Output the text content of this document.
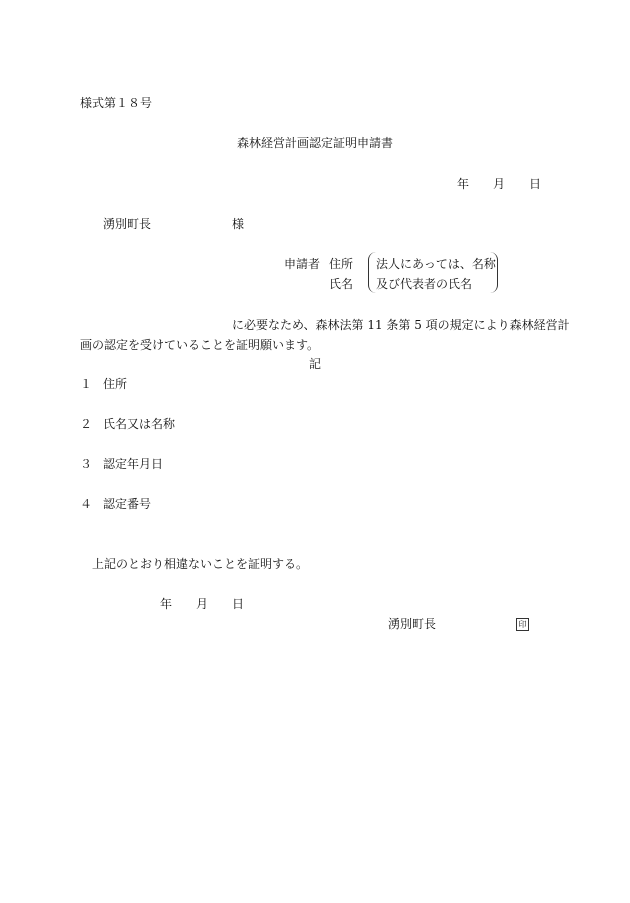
様式第１８号
森林経営計画認定証明申請書
年　　月　　日
湧別町長	様
申請者 住所
氏名
法人にあっては、名称
及び代表者の氏名
に必要なため、森林法第 11 条第 5 項の規定により森林経営計
画の認定を受けていることを証明願います。
記
１ 住所
２ 氏名又は名称
３ 認定年月日
４ 認定番号
上記のとおり相違ないことを証明する。
年　　月　　日
湧別町長	印
